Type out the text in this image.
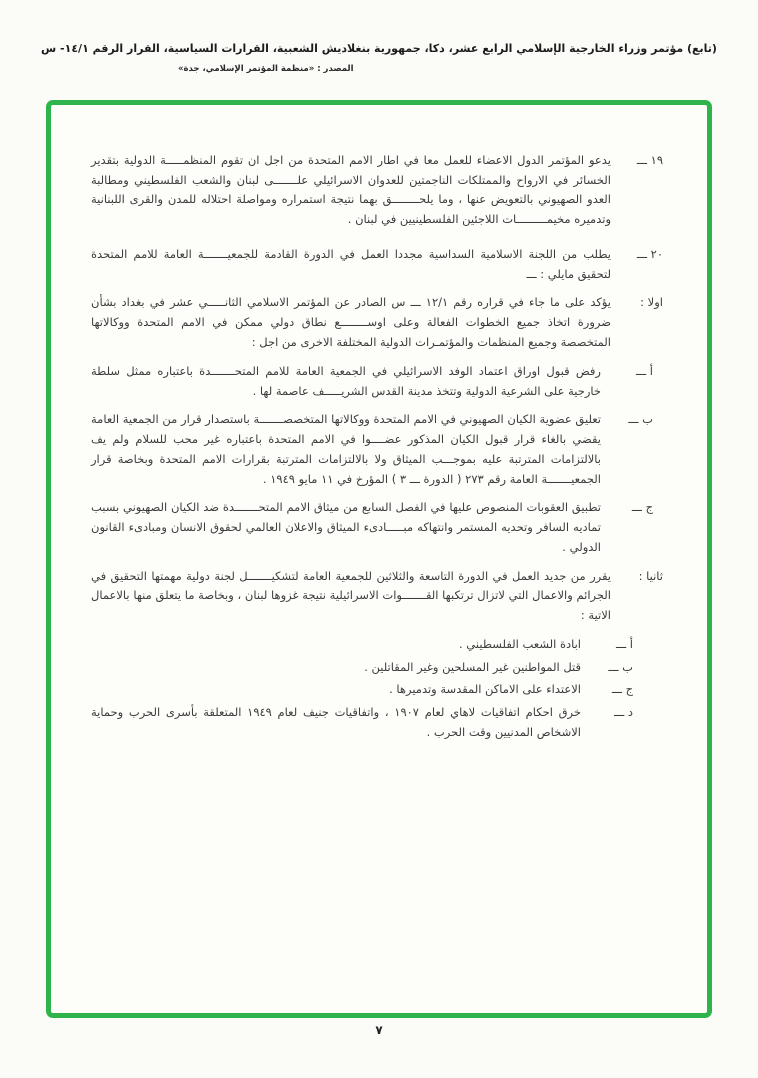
(تابع) مؤتمر وزراء الخارجية الإسلامي الرابع عشر، دكا، جمهورية بنغلاديش الشعبية، القرارات السياسية، القرار الرقم ١٤/١- س
المصدر : «منظمة المؤتمر الإسلامي، جدة»
١٩ ـــ
يدعو المؤتمر الدول الاعضاء للعمل معا في اطار الامم المتحدة من اجل ان تقوم المنظمـــــة الدولية بتقدير الخسائر في الارواح والممتلكات الناجمتين للعدوان الاسرائيلي علـــــــى لبنان والشعب الفلسطيني ومطالبة العدو الصهيوني بالتعويض عنها ، وما يلحــــــــق بهما نتيجة استمراره ومواصلة احتلاله للمدن والقرى اللبنانية وتدميره مخيمـــــــــات اللاجئين الفلسطينيين في لبنان .
٢٠ ـــ
يطلب من اللجنة الاسلامية السداسية مجددا العمل في الدورة القادمة للجمعيـــــــة العامة للامم المتحدة لتحقيق مايلي : ـــ
اولا :
يؤكد على ما جاء في قراره رقم ١٢/١ ـــ س الصادر عن المؤتمر الاسلامي الثانـــــي عشر في بغداد بشأن ضرورة اتخاذ جميع الخطوات الفعالة وعلى اوســــــــع نطاق دولي ممكن في الامم المتحدة ووكالاتها المتخصصة وجميع المنظمات والمؤتمـرات الدولية المختلفة الاخرى من اجل :
أ ـــ
رفض قبول اوراق اعتماد الوفد الاسرائيلي في الجمعية العامة للامم المتحـــــــدة باعتباره ممثل سلطة خارجية على الشرعية الدولية وتتخذ مدينة القدس الشريـــــف عاصمة لها .
ب ـــ
تعليق عضوية الكيان الصهيوني في الامم المتحدة ووكالاتها المتخصصـــــــة باستصدار قرار من الجمعية العامة يقضي بالغاء قرار قبول الكيان المذكور عضــــوا في الامم المتحدة باعتباره غير محب للسلام ولم يف بالالتزامات المترتبة عليه بموجـــب الميثاق ولا بالالتزامات المترتبة بقرارات الامم المتحدة وبخاصة قرار الجمعيـــــــة العامة رقم ٢٧٣ ( الدورة ـــ ٣ ) المؤرخ في ١١ مايو ١٩٤٩ .
ج ـــ
تطبيق العقوبات المنصوص عليها في الفصل السابع من ميثاق الامم المتحـــــــدة ضد الكيان الصهيوني بسبب تماديه السافر وتحديه المستمر وانتهاكه مبـــــادىء الميثاق والاعلان العالمي لحقوق الانسان ومبادىء القانون الدولي .
ثانيا :
يقرر من جديد العمل في الدورة التاسعة والثلاثين للجمعية العامة لتشكيـــــــل لجنة دولية مهمتها التحقيق في الجرائم والاعمال التي لاتزال ترتكبها القـــــــوات الاسرائيلية نتيجة غزوها لبنان ، وبخاصة ما يتعلق منها بالاعمال الاتية :
أ ـــ
ابادة الشعب الفلسطيني .
ب ـــ
قتل المواطنين غير المسلحين وغير المقاتلين .
ج ـــ
الاعتداء على الاماكن المقدسة وتدميرها .
د ـــ
خرق احكام اتفاقيات لاهاي لعام ١٩٠٧ ، واتفاقيات جنيف لعام ١٩٤٩ المتعلقة بأسرى الحرب وحماية الاشخاص المدنيين وقت الحرب .
٧
